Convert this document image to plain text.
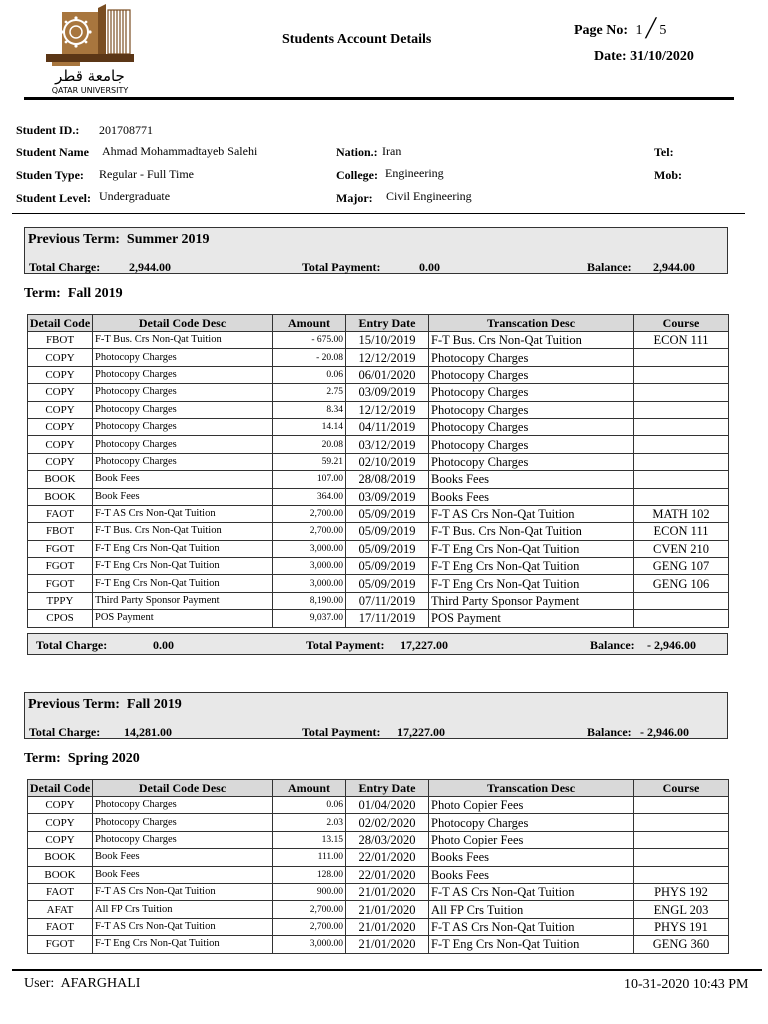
جامعة قطر
QATAR UNIVERSITY
Students Account Details
Page No: 1 ╱ 5
Date: 31/10/2020
Student ID.: 201708771
Student Name Ahmad Mohammadtayeb Salehi
Studen Type: Regular - Full Time
Student Level: Undergraduate
Nation.: Iran
College: Engineering
Major: Civil Engineering
Tel:
Mob:
Previous Term: Summer 2019
Total Charge: 2,944.00	Total Payment:	0.00	Balance: 2,944.00
Term: Fall 2019
Detail Code	Detail Code Desc	Amount	Entry Date	Transcation Desc	Course
FBOT	F-T Bus. Crs Non-Qat Tuition	- 675.00	15/10/2019	F-T Bus. Crs Non-Qat Tuition	ECON 111
COPY	Photocopy Charges	- 20.08	12/12/2019	Photocopy Charges	
COPY	Photocopy Charges	0.06	06/01/2020	Photocopy Charges	
COPY	Photocopy Charges	2.75	03/09/2019	Photocopy Charges	
COPY	Photocopy Charges	8.34	12/12/2019	Photocopy Charges	
COPY	Photocopy Charges	14.14	04/11/2019	Photocopy Charges	
COPY	Photocopy Charges	20.08	03/12/2019	Photocopy Charges	
COPY	Photocopy Charges	59.21	02/10/2019	Photocopy Charges	
BOOK	Book Fees	107.00	28/08/2019	Books Fees	
BOOK	Book Fees	364.00	03/09/2019	Books Fees	
FAOT	F-T AS Crs Non-Qat Tuition	2,700.00	05/09/2019	F-T AS Crs Non-Qat Tuition	MATH 102
FBOT	F-T Bus. Crs Non-Qat Tuition	2,700.00	05/09/2019	F-T Bus. Crs Non-Qat Tuition	ECON 111
FGOT	F-T Eng Crs Non-Qat Tuition	3,000.00	05/09/2019	F-T Eng Crs Non-Qat Tuition	CVEN 210
FGOT	F-T Eng Crs Non-Qat Tuition	3,000.00	05/09/2019	F-T Eng Crs Non-Qat Tuition	GENG 107
FGOT	F-T Eng Crs Non-Qat Tuition	3,000.00	05/09/2019	F-T Eng Crs Non-Qat Tuition	GENG 106
TPPY	Third Party Sponsor Payment	8,190.00	07/11/2019	Third Party Sponsor Payment	
CPOS	POS Payment	9,037.00	17/11/2019	POS Payment	
Total Charge:	0.00	Total Payment: 17,227.00	Balance: - 2,946.00
Previous Term: Fall 2019
Total Charge: 14,281.00	Total Payment: 17,227.00	Balance: - 2,946.00
Term: Spring 2020
Detail Code	Detail Code Desc	Amount	Entry Date	Transcation Desc	Course
COPY	Photocopy Charges	0.06	01/04/2020	Photo Copier Fees	
COPY	Photocopy Charges	2.03	02/02/2020	Photocopy Charges	
COPY	Photocopy Charges	13.15	28/03/2020	Photo Copier Fees	
BOOK	Book Fees	111.00	22/01/2020	Books Fees	
BOOK	Book Fees	128.00	22/01/2020	Books Fees	
FAOT	F-T AS Crs Non-Qat Tuition	900.00	21/01/2020	F-T AS Crs Non-Qat Tuition	PHYS 192
AFAT	All FP Crs Tuition	2,700.00	21/01/2020	All FP Crs Tuition	ENGL 203
FAOT	F-T AS Crs Non-Qat Tuition	2,700.00	21/01/2020	F-T AS Crs Non-Qat Tuition	PHYS 191
FGOT	F-T Eng Crs Non-Qat Tuition	3,000.00	21/01/2020	F-T Eng Crs Non-Qat Tuition	GENG 360
User: AFARGHALI	10-31-2020 10:43 PM
